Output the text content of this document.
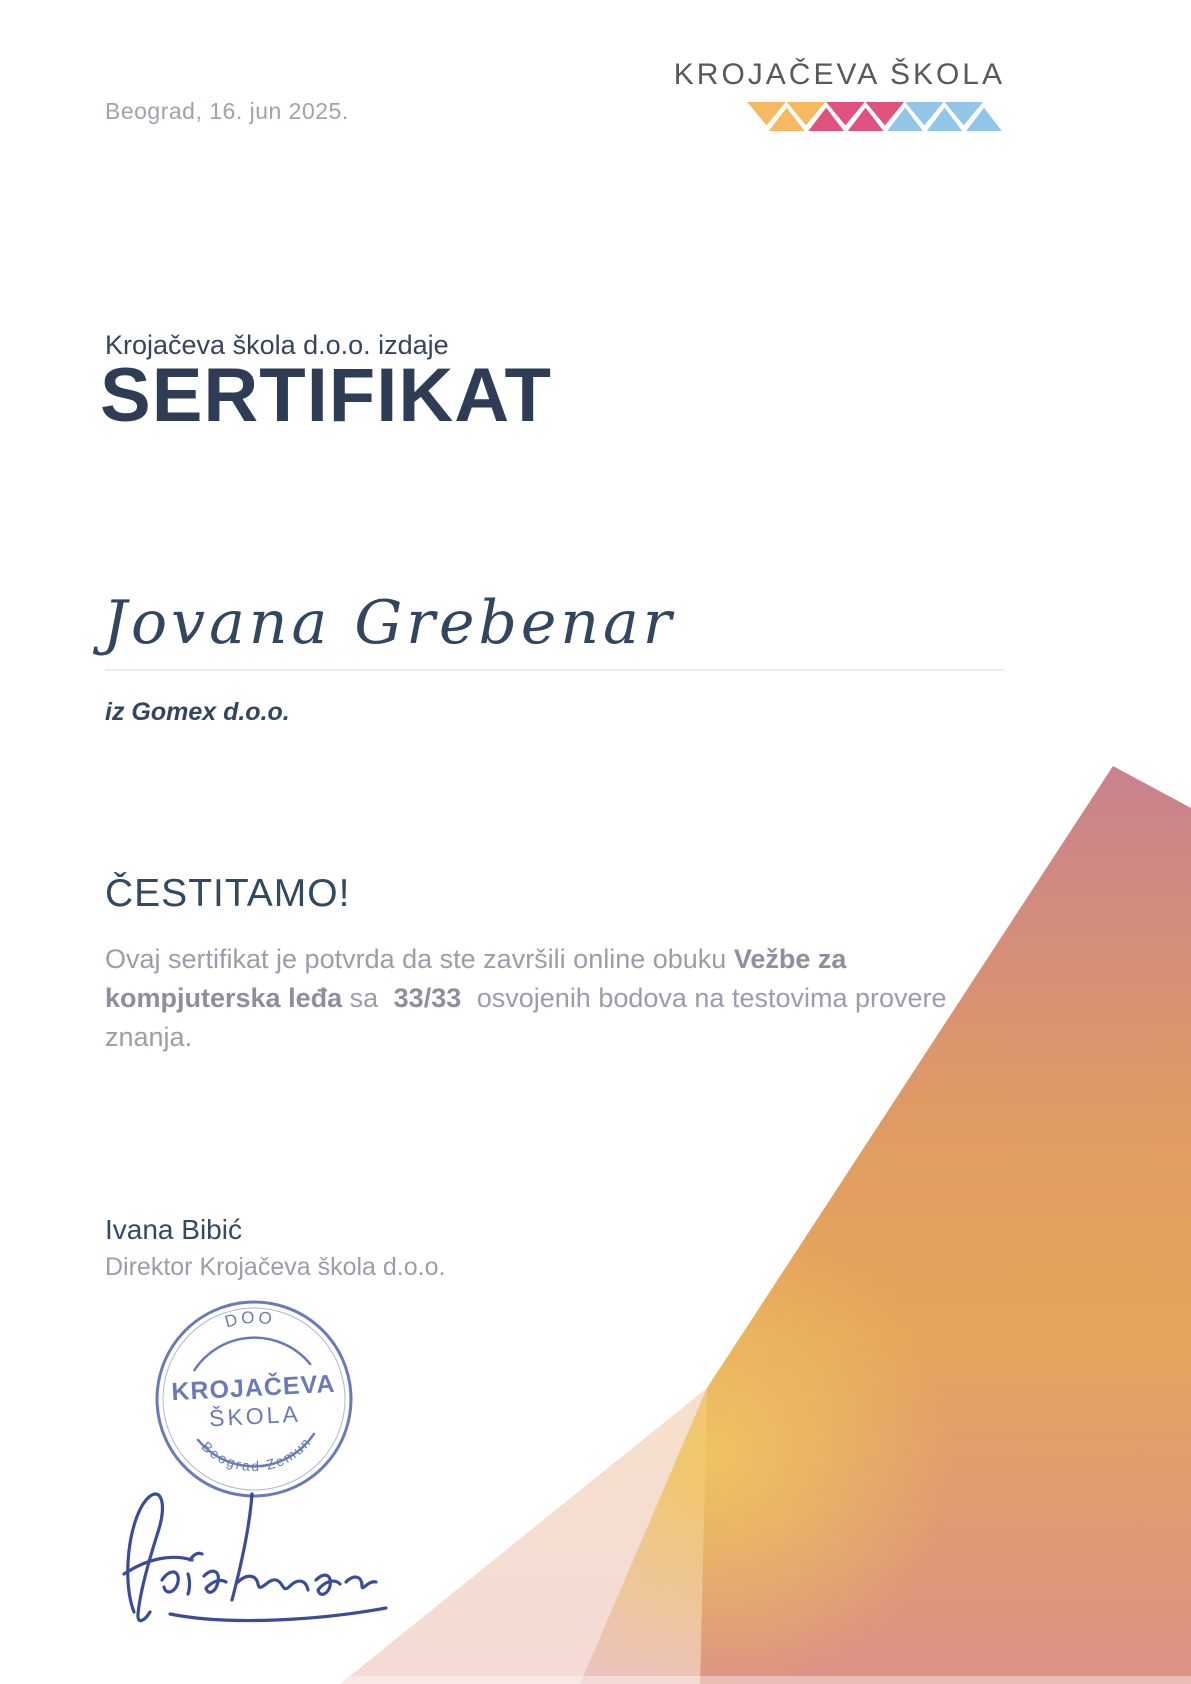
Beograd, 16. jun 2025.
KROJAČEVA ŠKOLA
Krojačeva škola d.o.o. izdaje
SERTIFIKAT
Jovana Grebenar
iz Gomex d.o.o.
ČESTITAMO!
Ovaj sertifikat je potvrda da ste završili online obuku Vežbe za kompjuterska leđa sa 33/33 osvojenih bodova na testovima provere znanja.
Ivana Bibić
Direktor Krojačeva škola d.o.o.
DOO
KROJAČEVA
ŠKOLA
Beograd-Zemun
